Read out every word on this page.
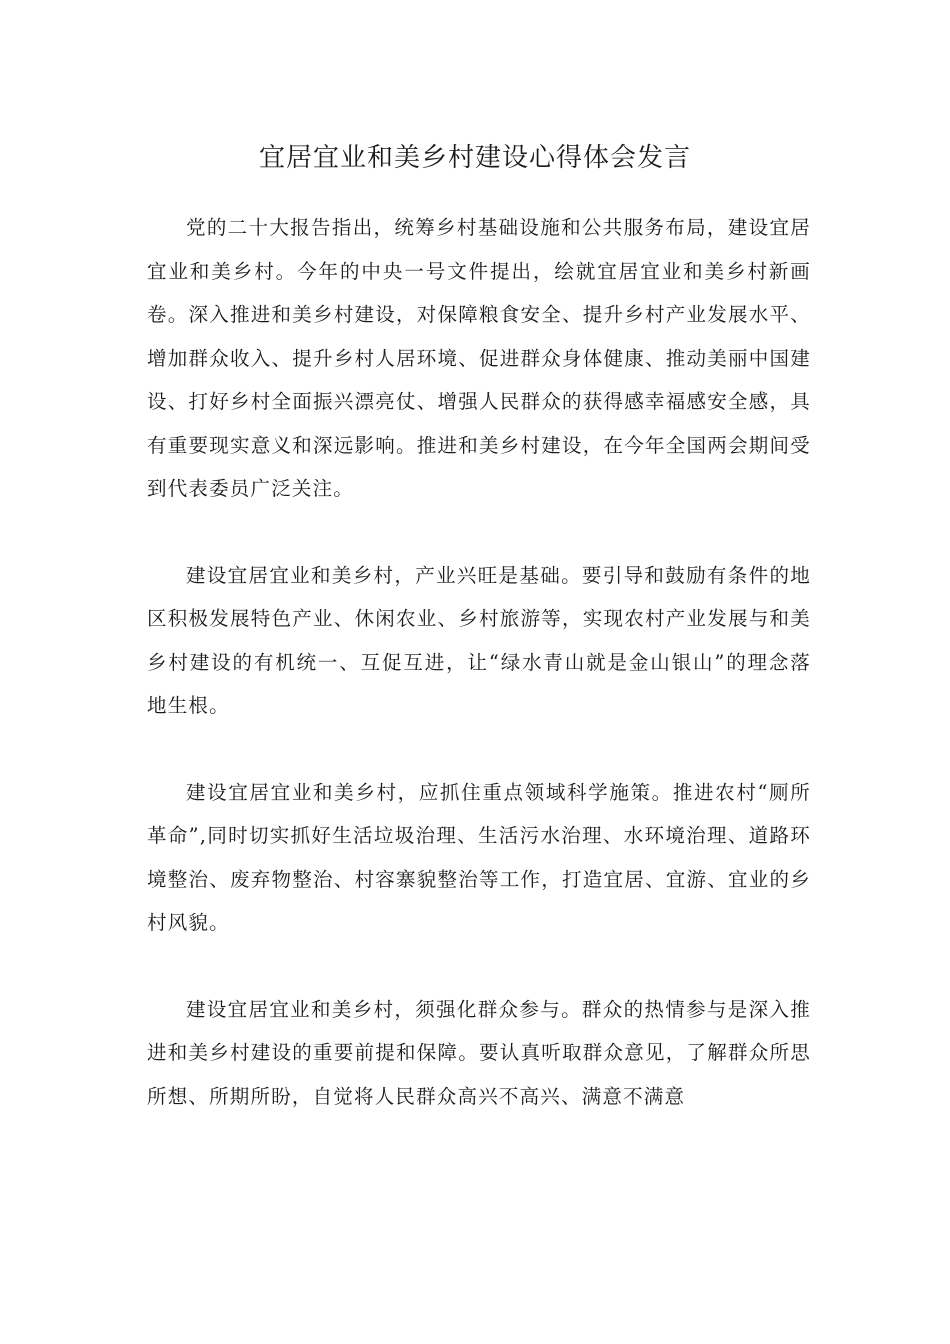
宜居宜业和美乡村建设心得体会发言

党的二十大报告指出，统筹乡村基础设施和公共服务布局，建设宜居宜业和美乡村。今年的中央一号文件提出，绘就宜居宜业和美乡村新画卷。深入推进和美乡村建设，对保障粮食安全、提升乡村产业发展水平、增加群众收入、提升乡村人居环境、促进群众身体健康、推动美丽中国建设、打好乡村全面振兴漂亮仗、增强人民群众的获得感幸福感安全感，具有重要现实意义和深远影响。推进和美乡村建设，在今年全国两会期间受到代表委员广泛关注。

建设宜居宜业和美乡村，产业兴旺是基础。要引导和鼓励有条件的地区积极发展特色产业、休闲农业、乡村旅游等，实现农村产业发展与和美乡村建设的有机统一、互促互进，让“绿水青山就是金山银山”的理念落地生根。

建设宜居宜业和美乡村，应抓住重点领域科学施策。推进农村“厕所革命”,同时切实抓好生活垃圾治理、生活污水治理、水环境治理、道路环境整治、废弃物整治、村容寨貌整治等工作，打造宜居、宜游、宜业的乡村风貌。

建设宜居宜业和美乡村，须强化群众参与。群众的热情参与是深入推进和美乡村建设的重要前提和保障。要认真听取群众意见，了解群众所思所想、所期所盼，自觉将人民群众高兴不高兴、满意不满意
